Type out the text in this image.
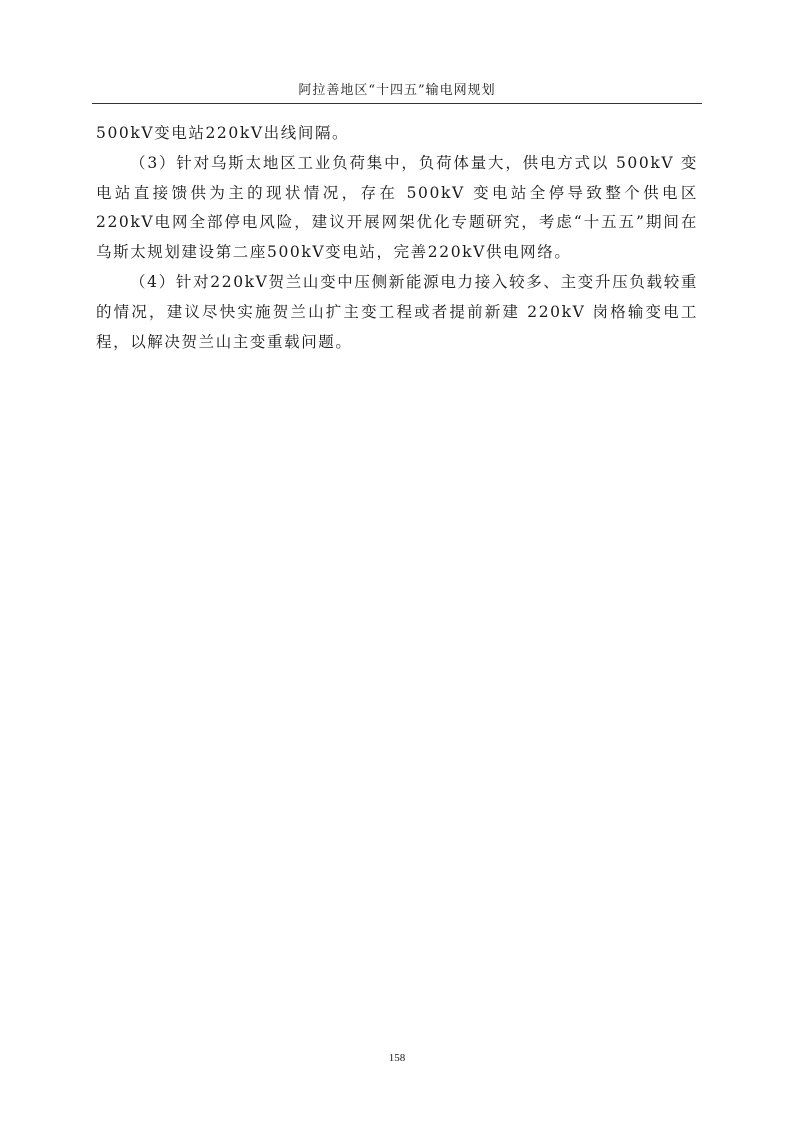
阿拉善地区“十四五”输电网规划

500kV变电站220kV出线间隔。

（3）针对乌斯太地区工业负荷集中，负荷体量大，供电方式以 500kV 变电站直接馈供为主的现状情况，存在 500kV 变电站全停导致整个供电区 220kV电网全部停电风险，建议开展网架优化专题研究，考虑“十五五”期间在乌斯太规划建设第二座500kV变电站，完善220kV供电网络。

（4）针对220kV贺兰山变中压侧新能源电力接入较多、主变升压负载较重的情况，建议尽快实施贺兰山扩主变工程或者提前新建 220kV 岗格输变电工程，以解决贺兰山主变重载问题。

158
